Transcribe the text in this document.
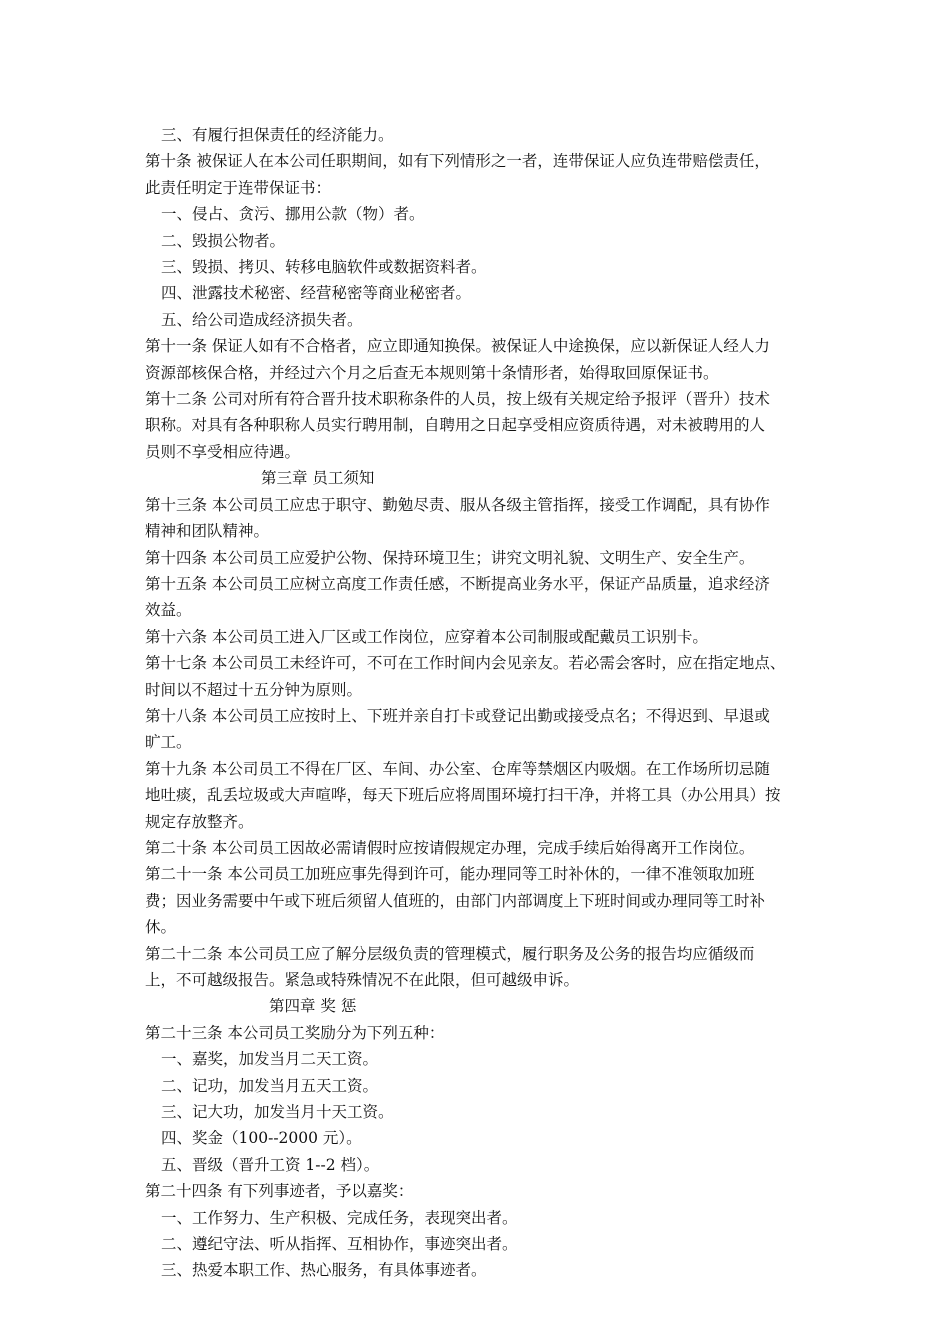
三、有履行担保责任的经济能力。
第十条 被保证人在本公司任职期间，如有下列情形之一者，连带保证人应负连带赔偿责任，
此责任明定于连带保证书：
一、侵占、贪污、挪用公款（物）者。
二、毁损公物者。
三、毁损、拷贝、转移电脑软件或数据资料者。
四、泄露技术秘密、经营秘密等商业秘密者。
五、给公司造成经济损失者。
第十一条 保证人如有不合格者，应立即通知换保。被保证人中途换保，应以新保证人经人力
资源部核保合格，并经过六个月之后查无本规则第十条情形者，始得取回原保证书。
第十二条 公司对所有符合晋升技术职称条件的人员，按上级有关规定给予报评（晋升）技术
职称。对具有各种职称人员实行聘用制，自聘用之日起享受相应资质待遇，对未被聘用的人
员则不享受相应待遇。
第三章 员工须知
第十三条 本公司员工应忠于职守、勤勉尽责、服从各级主管指挥，接受工作调配，具有协作
精神和团队精神。
第十四条 本公司员工应爱护公物、保持环境卫生；讲究文明礼貌、文明生产、安全生产。
第十五条 本公司员工应树立高度工作责任感，不断提高业务水平，保证产品质量，追求经济
效益。
第十六条 本公司员工进入厂区或工作岗位，应穿着本公司制服或配戴员工识别卡。
第十七条 本公司员工未经许可，不可在工作时间内会见亲友。若必需会客时，应在指定地点、
时间以不超过十五分钟为原则。
第十八条 本公司员工应按时上、下班并亲自打卡或登记出勤或接受点名；不得迟到、早退或
旷工。
第十九条 本公司员工不得在厂区、车间、办公室、仓库等禁烟区内吸烟。在工作场所切忌随
地吐痰，乱丢垃圾或大声喧哗，每天下班后应将周围环境打扫干净，并将工具（办公用具）按
规定存放整齐。
第二十条 本公司员工因故必需请假时应按请假规定办理，完成手续后始得离开工作岗位。
第二十一条 本公司员工加班应事先得到许可，能办理同等工时补休的，一律不准领取加班
费；因业务需要中午或下班后须留人值班的，由部门内部调度上下班时间或办理同等工时补
休。
第二十二条 本公司员工应了解分层级负责的管理模式，履行职务及公务的报告均应循级而
上，不可越级报告。紧急或特殊情况不在此限，但可越级申诉。
第四章 奖 惩
第二十三条 本公司员工奖励分为下列五种：
一、嘉奖，加发当月二天工资。
二、记功，加发当月五天工资。
三、记大功，加发当月十天工资。
四、奖金（100--2000 元）。
五、晋级（晋升工资 1--2 档）。
第二十四条 有下列事迹者，予以嘉奖：
一、工作努力、生产积极、完成任务，表现突出者。
二、遵纪守法、听从指挥、互相协作，事迹突出者。
三、热爱本职工作、热心服务，有具体事迹者。
